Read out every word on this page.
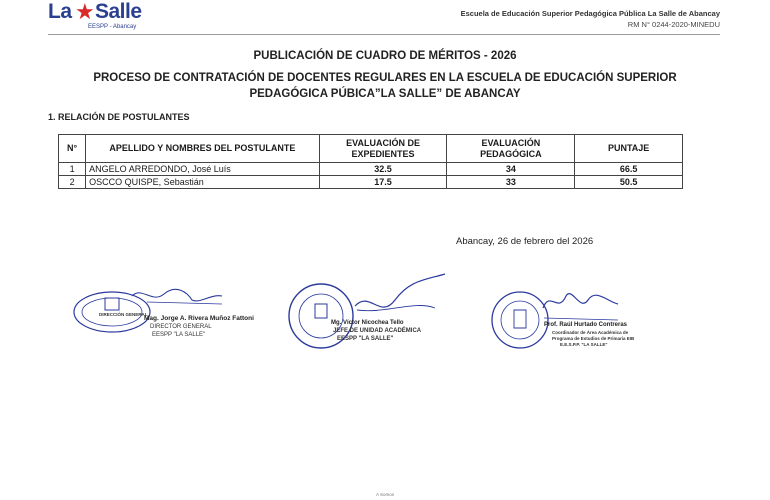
La ★ Salle
EESPP - Abancay
Escuela de Educación Superior Pedagógica Pública La Salle de Abancay
RM N° 0244-2020-MINEDU
PUBLICACIÓN DE CUADRO DE MÉRITOS - 2026
PROCESO DE CONTRATACIÓN DE DOCENTES REGULARES EN LA ESCUELA DE EDUCACIÓN SUPERIOR PEDAGÓGICA PÚBICA”LA SALLE” DE ABANCAY
1. RELACIÓN DE POSTULANTES
N°	APELLIDO Y NOMBRES DEL POSTULANTE	EVALUACIÓN DE EXPEDIENTES	EVALUACIÓN PEDAGÓGICA	PUNTAJE
1	ANGELO ARREDONDO, José Luís	32.5	34	66.5
2	OSCCO QUISPE, Sebastián	17.5	33	50.5
Abancay, 26 de febrero del 2026
DIRECCIÓN GENERAL
Mag. Jorge A. Rivera Muñoz Fattoni
DIRECTOR GENERAL
EESPP "LA SALLE"
Mg. Víctor Nicochea Tello
JEFE DE UNIDAD ACADÉMICA
EESPP "LA SALLE"
Prof. Raúl Hurtado Contreras
Coordinador de Área Académica de
Programa de Estudios de Primaria EIB
E.E.S.P.P. "LA SALLE"
A Somos
